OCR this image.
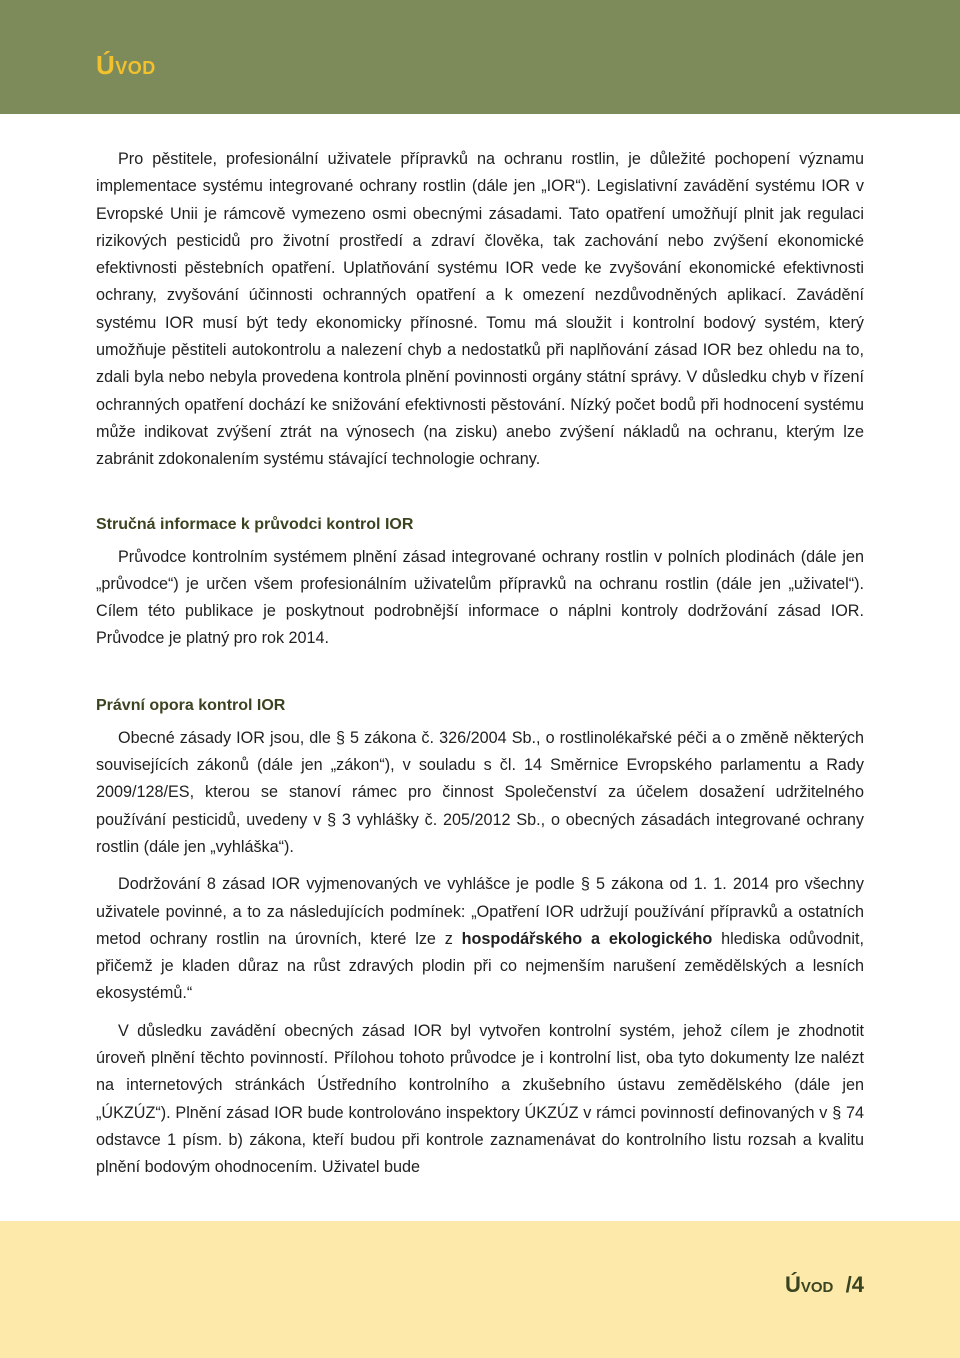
Úvod

Pro pěstitele, profesionální uživatele přípravků na ochranu rostlin, je důležité pochopení významu implementace systému integrované ochrany rostlin (dále jen „IOR“). Legislativní zavádění systému IOR v Evropské Unii je rámcově vymezeno osmi obecnými zásadami. Tato opatření umožňují plnit jak regulaci rizikových pesticidů pro životní prostředí a zdraví člověka, tak zachování nebo zvýšení ekonomické efektivnosti pěstebních opatření. Uplatňování systému IOR vede ke zvyšování ekonomické efektivnosti ochrany, zvyšování účinnosti ochranných opatření a k omezení nezdůvodněných aplikací. Zavádění systému IOR musí být tedy ekonomicky přínosné. Tomu má sloužit i kontrolní bodový systém, který umožňuje pěstiteli autokontrolu a nalezení chyb a nedostatků při naplňování zásad IOR bez ohledu na to, zdali byla nebo nebyla provedena kontrola plnění povinnosti orgány státní správy. V důsledku chyb v řízení ochranných opatření dochází ke snižování efektivnosti pěstování. Nízký počet bodů při hodnocení systému může indikovat zvýšení ztrát na výnosech (na zisku) anebo zvýšení nákladů na ochranu, kterým lze zabránit zdokonalením systému stávající technologie ochrany.

Stručná informace k průvodci kontrol IOR

Průvodce kontrolním systémem plnění zásad integrované ochrany rostlin v polních plodinách (dále jen „průvodce“) je určen všem profesionálním uživatelům přípravků na ochranu rostlin (dále jen „uživatel“). Cílem této publikace je poskytnout podrobnější informace o náplni kontroly dodržování zásad IOR. Průvodce je platný pro rok 2014.

Právní opora kontrol IOR

Obecné zásady IOR jsou, dle § 5 zákona č. 326/2004 Sb., o rostlinolékařské péči a o změně některých souvisejících zákonů (dále jen „zákon“), v souladu s čl. 14 Směrnice Evropského parlamentu a Rady 2009/128/ES, kterou se stanoví rámec pro činnost Společenství za účelem dosažení udržitelného používání pesticidů, uvedeny v § 3 vyhlášky č. 205/2012 Sb., o obecných zásadách integrované ochrany rostlin (dále jen „vyhláška“).

Dodržování 8 zásad IOR vyjmenovaných ve vyhlášce je podle § 5 zákona od 1. 1. 2014 pro všechny uživatele povinné, a to za následujících podmínek: „Opatření IOR udržují používání přípravků a ostatních metod ochrany rostlin na úrovních, které lze z hospodářského a ekologického hlediska odůvodnit, přičemž je kladen důraz na růst zdravých plodin při co nejmenším narušení zemědělských a lesních ekosystémů.“

V důsledku zavádění obecných zásad IOR byl vytvořen kontrolní systém, jehož cílem je zhodnotit úroveň plnění těchto povinností. Přílohou tohoto průvodce je i kontrolní list, oba tyto dokumenty lze nalézt na internetových stránkách Ústředního kontrolního a zkušebního ústavu zemědělského (dále jen „ÚKZÚZ“). Plnění zásad IOR bude kontrolováno inspektory ÚKZÚZ v rámci povinností definovaných v § 74 odstavce 1 písm. b) zákona, kteří budou při kontrole zaznamenávat do kontrolního listu rozsah a kvalitu plnění bodovým ohodnocením. Uživatel bude

Úvod /4
